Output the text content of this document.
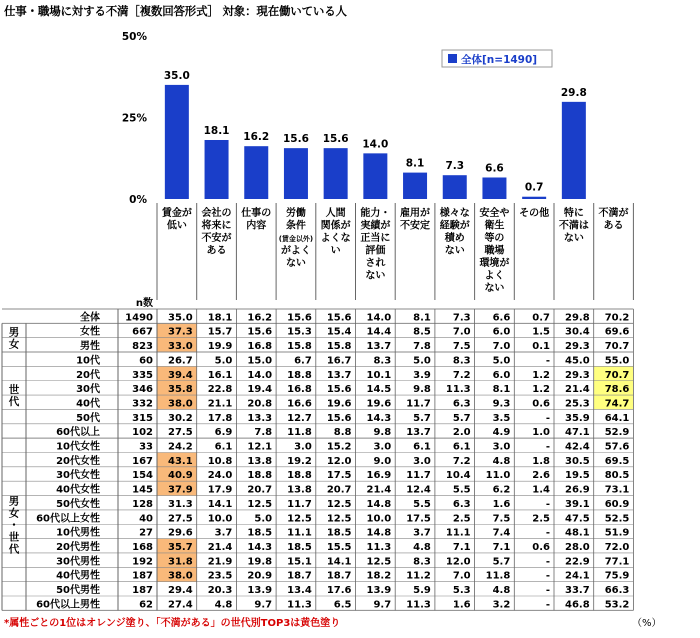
仕事・職場に対する不満［複数回答形式］ 対象：現在働いている人
0%
25%
50%
35.0
18.1
16.2 15.6 15.6 14.0
8.1 7.3 6.6
0.7
29.8
全体[n=1490]
賃金が
低い
会社の
将来に
不安が
ある
仕事の
内容
労働
条件
(賃金以外)
がよく
ない
人間
関係が
よくな
い
能力・
実績が
正当に
評価
され
ない
雇用が
不安定
様々な
経験が
積め
ない
安全や
衛生
等の
職場
環境が
よく
ない
その他 特に
不満は
ない
不満が
ある
n数
男
女
世
代
男
女
・
世
代
全体	1490 35.0 18.1 16.2 15.6 15.6 14.0 8.1 7.3 6.6 0.7 29.8 70.2
女性	667 37.3 15.7 15.6 15.3 15.4 14.4 8.5 7.0 6.0 1.5 30.4 69.6
男性	823 33.0 19.9 16.8 15.8 15.8 13.7 7.8 7.5 7.0 0.1 29.3 70.7
10代	60 26.7 5.0 15.0 6.7 16.7 8.3 5.0 8.3 5.0	- 45.0 55.0
20代	335 39.4 16.1 14.0 18.8 13.7 10.1 3.9 7.2 6.0 1.2 29.3 70.7
30代	346 35.8 22.8 19.4 16.8 15.6 14.5 9.8 11.3 8.1 1.2 21.4 78.6
40代	332 38.0 21.1 20.8 16.6 19.6 19.6 11.7 6.3 9.3 0.6 25.3 74.7
50代	315 30.2 17.8 13.3 12.7 15.6 14.3 5.7 5.7 3.5	- 35.9 64.1
60代以上	102 27.5 6.9 7.8 11.8 8.8 9.8 13.7 2.0 4.9 1.0 47.1 52.9
10代女性	33 24.2 6.1 12.1 3.0 15.2 3.0 6.1 6.1 3.0	- 42.4 57.6
20代女性	167 43.1 10.8 13.8 19.2 12.0 9.0 3.0 7.2 4.8 1.8 30.5 69.5
30代女性	154 40.9 24.0 18.8 18.8 17.5 16.9 11.7 10.4 11.0 2.6 19.5 80.5
40代女性	145 37.9 17.9 20.7 13.8 20.7 21.4 12.4 5.5 6.2 1.4 26.9 73.1
50代女性	128 31.3 14.1 12.5 11.7 12.5 14.8 5.5 6.3 1.6	- 39.1 60.9
60代以上女性	40 27.5 10.0 5.0 12.5 12.5 10.0 17.5 2.5 7.5 2.5 47.5 52.5
10代男性	27 29.6 3.7 18.5 11.1 18.5 14.8 3.7 11.1 7.4	- 48.1 51.9
20代男性	168 35.7 21.4 14.3 18.5 15.5 11.3 4.8 7.1 7.1 0.6 28.0 72.0
30代男性	192 31.8 21.9 19.8 15.1 14.1 12.5 8.3 12.0 5.7	- 22.9 77.1
40代男性	187 38.0 23.5 20.9 18.7 18.7 18.2 11.2 7.0 11.8	- 24.1 75.9
50代男性	187 29.4 20.3 13.9 13.4 17.6 13.9 5.9 5.3 4.8	- 33.7 66.3
60代以上男性	62 27.4 4.8 9.7 11.3 6.5 9.7 11.3 1.6 3.2	- 46.8 53.2
*属性ごとの1位はオレンジ塗り、「不満がある」の世代別TOP3は黄色塗り	（%）
